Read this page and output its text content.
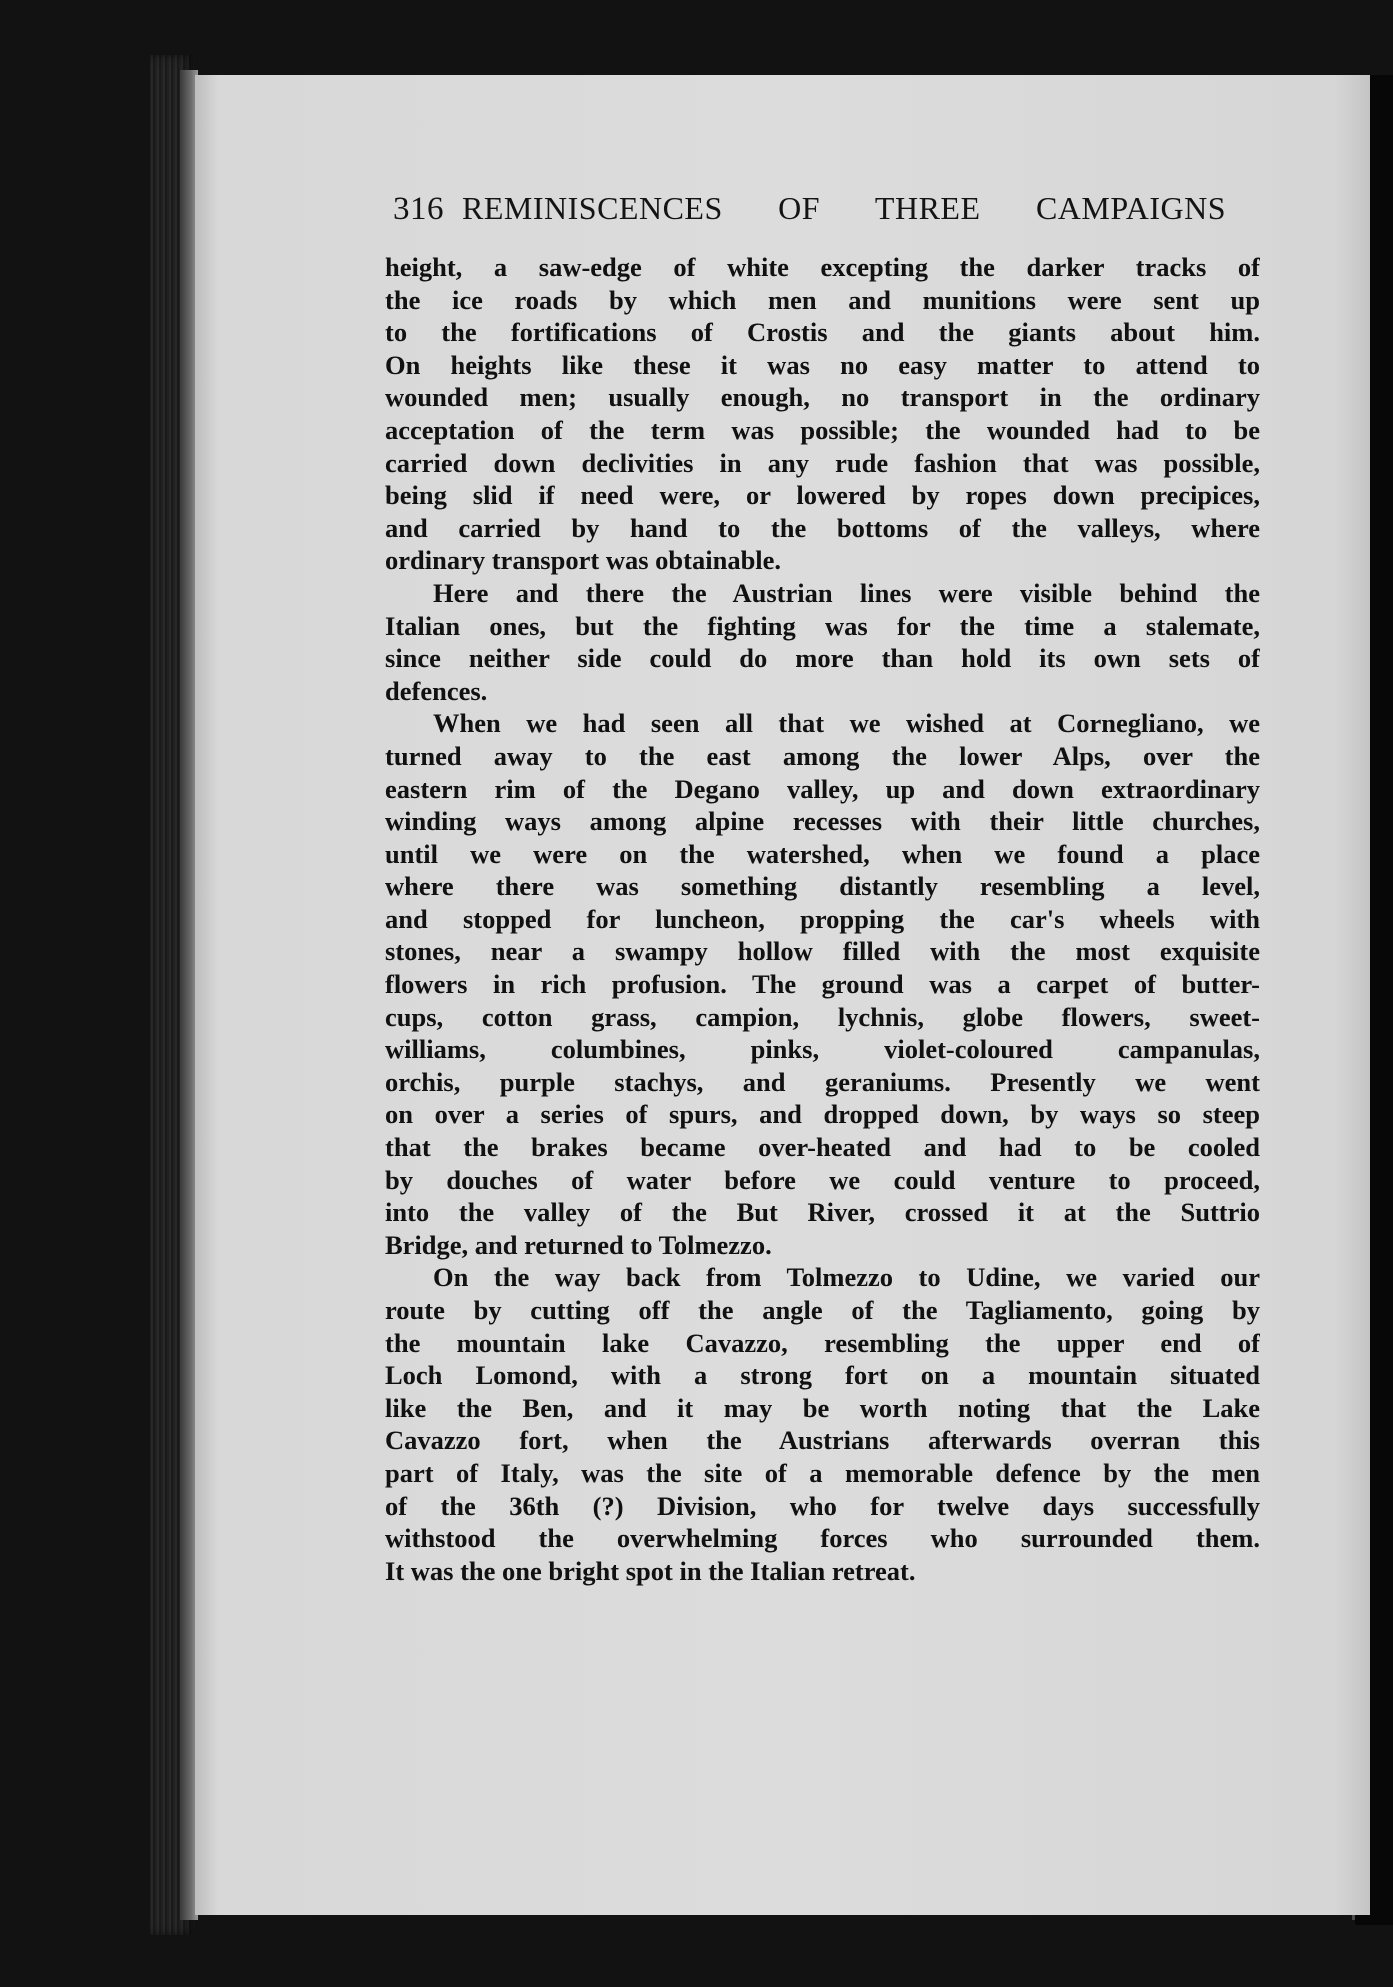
316 REMINISCENCES OF THREE CAMPAIGNS
height, a saw-edge of white excepting the darker tracks of
the ice roads by which men and munitions were sent up
to the fortifications of Crostis and the giants about him.
On heights like these it was no easy matter to attend to
wounded men; usually enough, no transport in the ordinary
acceptation of the term was possible; the wounded had to be
carried down declivities in any rude fashion that was possible,
being slid if need were, or lowered by ropes down precipices,
and carried by hand to the bottoms of the valleys, where
ordinary transport was obtainable.
Here and there the Austrian lines were visible behind the
Italian ones, but the fighting was for the time a stalemate,
since neither side could do more than hold its own sets of
defences.
When we had seen all that we wished at Cornegliano, we
turned away to the east among the lower Alps, over the
eastern rim of the Degano valley, up and down extraordinary
winding ways among alpine recesses with their little churches,
until we were on the watershed, when we found a place
where there was something distantly resembling a level,
and stopped for luncheon, propping the car's wheels with
stones, near a swampy hollow filled with the most exquisite
flowers in rich profusion. The ground was a carpet of butter-
cups, cotton grass, campion, lychnis, globe flowers, sweet-
williams, columbines, pinks, violet-coloured campanulas,
orchis, purple stachys, and geraniums. Presently we went
on over a series of spurs, and dropped down, by ways so steep
that the brakes became over-heated and had to be cooled
by douches of water before we could venture to proceed,
into the valley of the But River, crossed it at the Suttrio
Bridge, and returned to Tolmezzo.
On the way back from Tolmezzo to Udine, we varied our
route by cutting off the angle of the Tagliamento, going by
the mountain lake Cavazzo, resembling the upper end of
Loch Lomond, with a strong fort on a mountain situated
like the Ben, and it may be worth noting that the Lake
Cavazzo fort, when the Austrians afterwards overran this
part of Italy, was the site of a memorable defence by the men
of the 36th (?) Division, who for twelve days successfully
withstood the overwhelming forces who surrounded them.
It was the one bright spot in the Italian retreat.
